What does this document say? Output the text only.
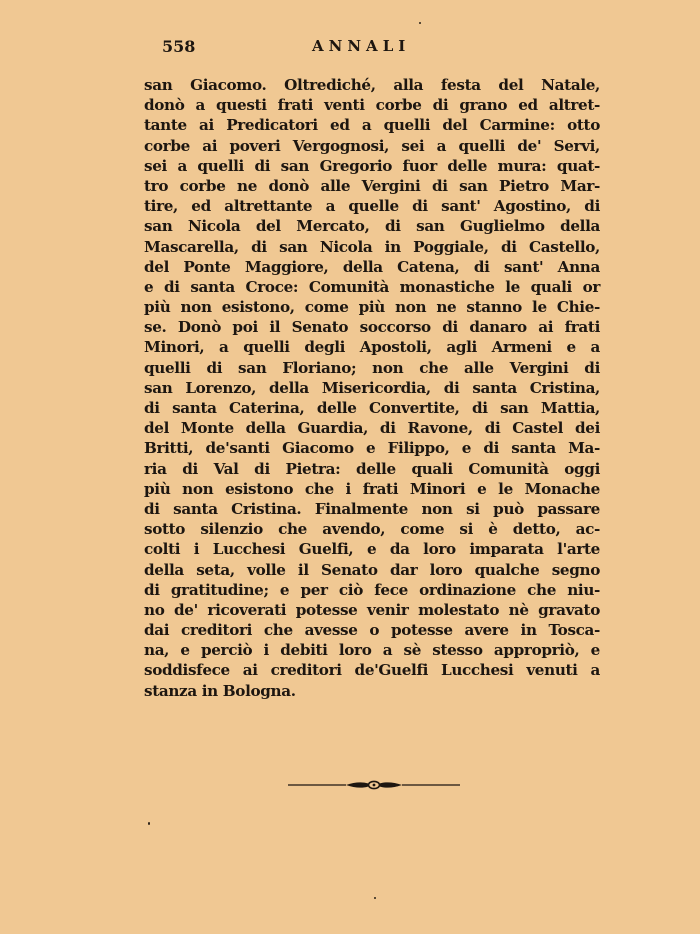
558	ANNALI
san Giacomo. Oltrediché, alla festa del Natale,
donò a questi frati venti corbe di grano ed altret-
tante ai Predicatori ed a quelli del Carmine: otto
corbe ai poveri Vergognosi, sei a quelli de' Servi,
sei a quelli di san Gregorio fuor delle mura: quat-
tro corbe ne donò alle Vergini di san Pietro Mar-
tire, ed altrettante a quelle di sant' Agostino, di
san Nicola del Mercato, di san Guglielmo della
Mascarella, di san Nicola in Poggiale, di Castello,
del Ponte Maggiore, della Catena, di sant' Anna
e di santa Croce: Comunità monastiche le quali or
più non esistono, come più non ne stanno le Chie-
se. Donò poi il Senato soccorso di danaro ai frati
Minori, a quelli degli Apostoli, agli Armeni e a
quelli di san Floriano; non che alle Vergini di
san Lorenzo, della Misericordia, di santa Cristina,
di santa Caterina, delle Convertite, di san Mattia,
del Monte della Guardia, di Ravone, di Castel dei
Britti, de'santi Giacomo e Filippo, e di santa Ma-
ria di Val di Pietra: delle quali Comunità oggi
più non esistono che i frati Minori e le Monache
di santa Cristina. Finalmente non si può passare
sotto silenzio che avendo, come si è detto, ac-
colti i Lucchesi Guelfi, e da loro imparata l'arte
della seta, volle il Senato dar loro qualche segno
di gratitudine; e per ciò fece ordinazione che niu-
no de' ricoverati potesse venir molestato nè gravato
dai creditori che avesse o potesse avere in Tosca-
na, e perciò i debiti loro a sè stesso appropriò, e
soddisfece ai creditori de'Guelfi Lucchesi venuti a
stanza in Bologna.
